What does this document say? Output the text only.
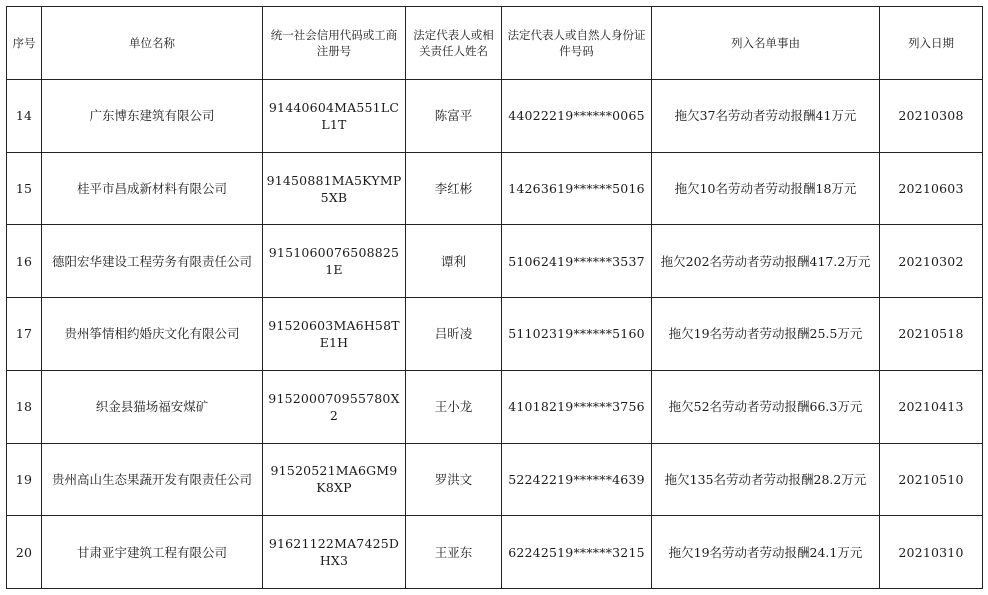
序号	单位名称	统一社会信用代码或工商注册号	法定代表人或相关责任人姓名	法定代表人或自然人身份证件号码	列入名单事由	列入日期
14	广东博东建筑有限公司	91440604MA551LCL1T	陈富平	44022219******0065	拖欠37名劳动者劳动报酬41万元	20210308
15	桂平市昌成新材料有限公司	91450881MA5KYMP5XB	李红彬	14263619******5016	拖欠10名劳动者劳动报酬18万元	20210603
16	德阳宏华建设工程劳务有限责任公司	91510600765088251E	谭利	51062419******3537	拖欠202名劳动者劳动报酬417.2万元	20210302
17	贵州筝情相约婚庆文化有限公司	91520603MA6H58TE1H	吕昕凌	51102319******5160	拖欠19名劳动者劳动报酬25.5万元	20210518
18	织金县猫场福安煤矿	915200070955780X2	王小龙	41018219******3756	拖欠52名劳动者劳动报酬66.3万元	20210413
19	贵州高山生态果蔬开发有限责任公司	91520521MA6GM9K8XP	罗洪文	52242219******4639	拖欠135名劳动者劳动报酬28.2万元	20210510
20	甘肃亚宇建筑工程有限公司	91621122MA7425DHX3	王亚东	62242519******3215	拖欠19名劳动者劳动报酬24.1万元	20210310
